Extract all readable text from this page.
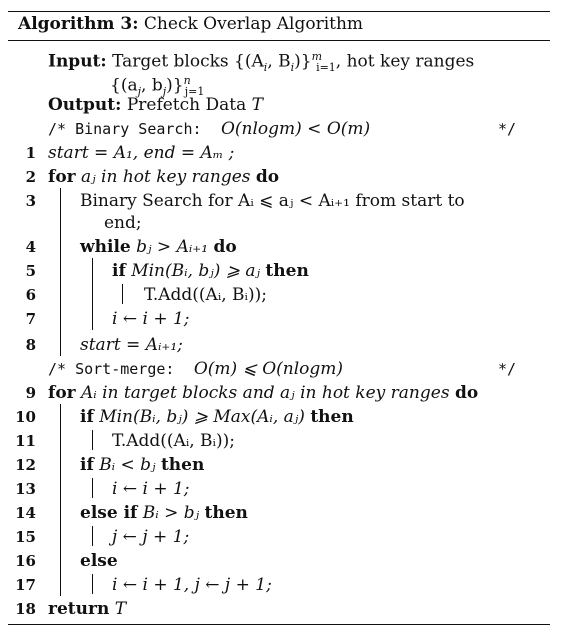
Algorithm 3: Check Overlap Algorithm
Input: Target blocks {($A_i$, $B_i)\}^m_{i=1}$, hot key ranges
{($a_j$, $b_j)\}^n_{j=1}$
Output: Prefetch Data T
/* Binary Search: O(nlogm) < O(m)	*/
1 start = A₁, end = Aₘ ;
2 for aⱼ in hot key ranges do
3	Binary Search for Aᵢ ⩽ aⱼ < Aᵢ₊₁ from start to
end;
4	while bⱼ > Aᵢ₊₁ do
5	if Min(Bᵢ, bⱼ) ⩾ aⱼ then
6	T.Add((Aᵢ, Bᵢ));
7	i ← i + 1;
8	start = Aᵢ₊₁;
/* Sort-merge: O(m) ⩽ O(nlogm)	*/
9 for Aᵢ in target blocks and aⱼ in hot key ranges do
10	if Min(Bᵢ, bⱼ) ⩾ Max(Aᵢ, aⱼ) then
11	T.Add((Aᵢ, Bᵢ));
12	if Bᵢ < bⱼ then
13	i ← i + 1;
14	else if Bᵢ > bⱼ then
15	j ← j + 1;
16	else
17	i ← i + 1, j ← j + 1;
18 return T
